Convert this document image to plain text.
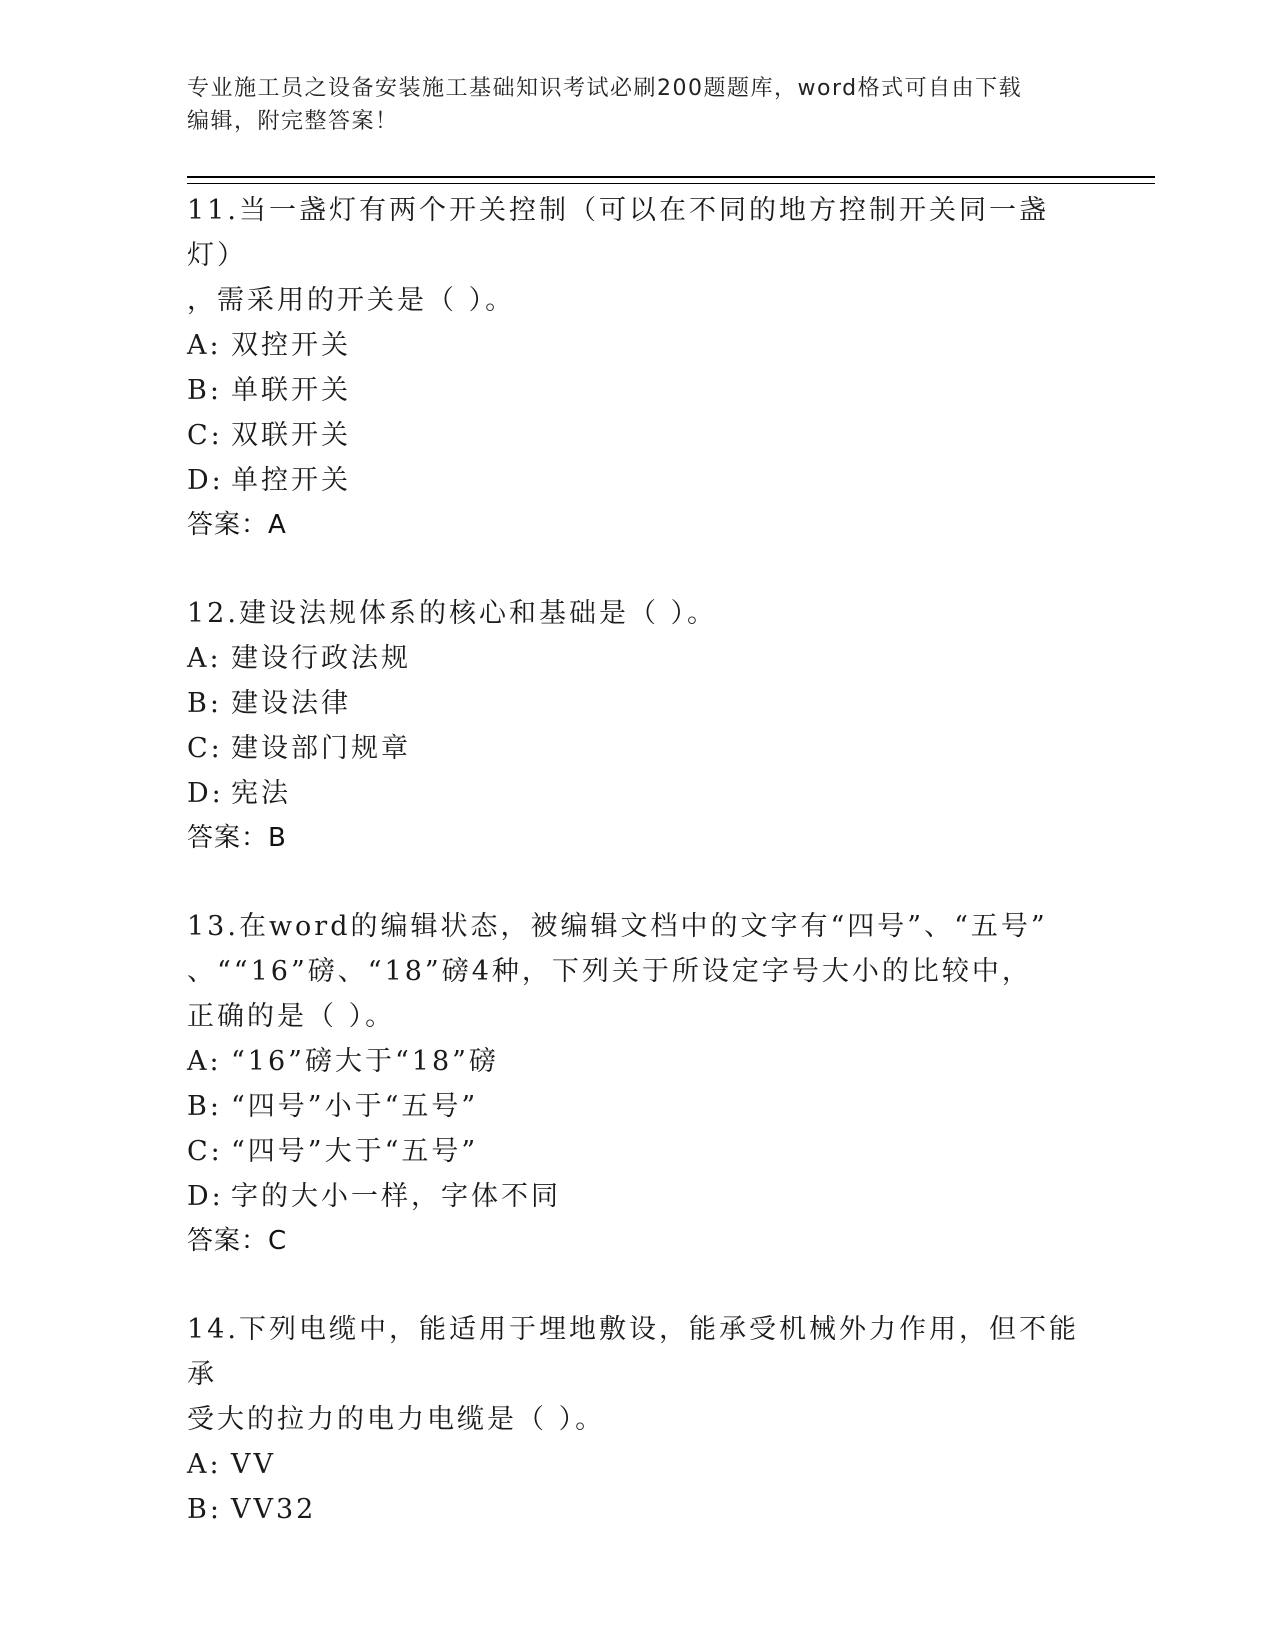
专业施工员之设备安装施工基础知识考试必刷200题题库，word格式可自由下载
编辑，附完整答案！
11.当一盏灯有两个开关控制（可以在不同的地方控制开关同一盏灯）
，需采用的开关是（ ）。
A: 双控开关
B: 单联开关
C: 双联开关
D: 单控开关
答案：A
12.建设法规体系的核心和基础是（ ）。
A: 建设行政法规
B: 建设法律
C: 建设部门规章
D: 宪法
答案：B
13.在word的编辑状态，被编辑文档中的文字有“四号”、“五号”
、““16”磅、“18”磅4种，下列关于所设定字号大小的比较中，
正确的是（ ）。
A: “16”磅大于“18”磅
B: “四号”小于“五号”
C: “四号”大于“五号”
D: 字的大小一样，字体不同
答案：C
14.下列电缆中，能适用于埋地敷设，能承受机械外力作用，但不能承
受大的拉力的电力电缆是（ ）。
A: VV
B: VV32
